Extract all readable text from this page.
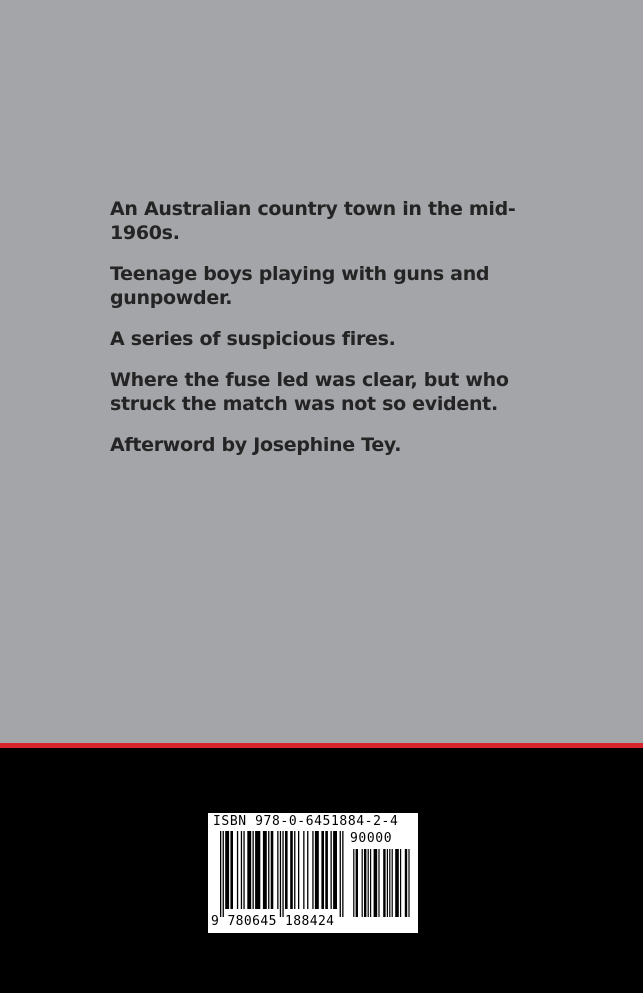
An Australian country town in the mid-1960s.

Teenage boys playing with guns and gunpowder.

A series of suspicious fires.

Where the fuse led was clear, but who struck the match was not so evident.

Afterword by Josephine Tey.

ISBN 978-0-6451884-2-4
90000
9 780645 188424
